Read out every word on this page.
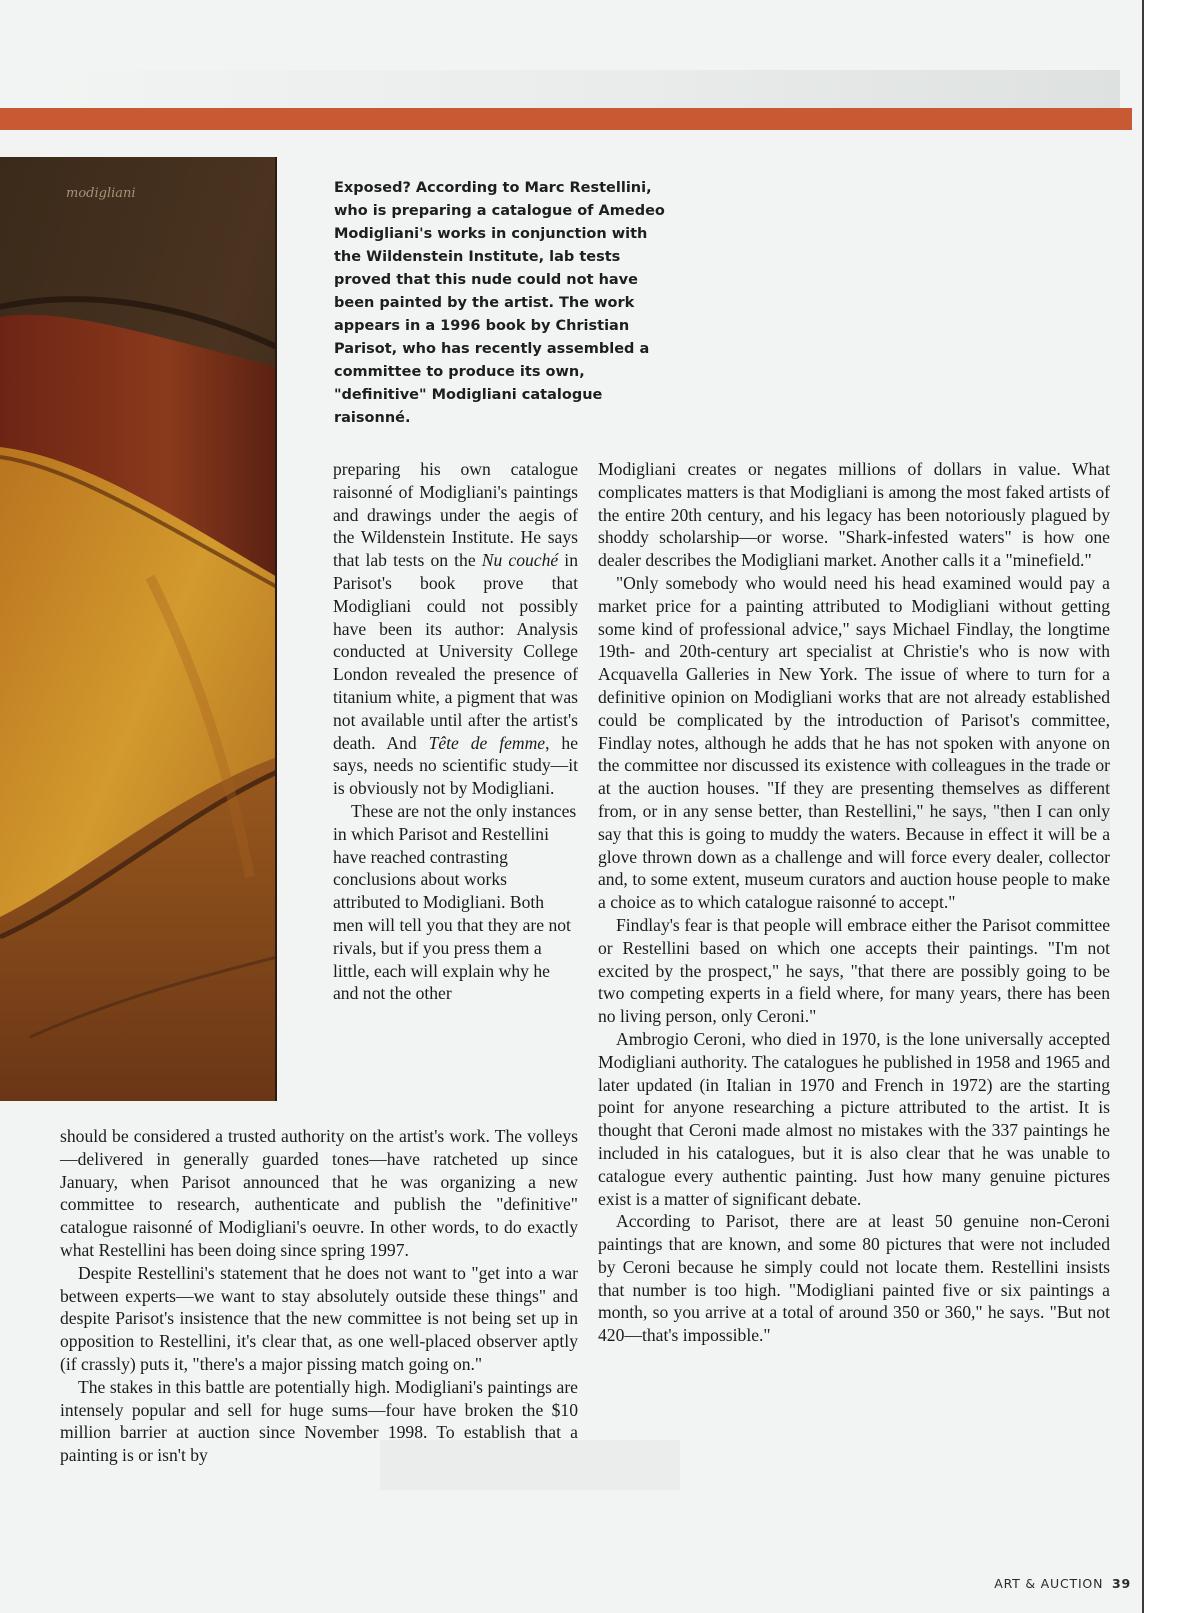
modigliani	Exposed? According to Marc Restellini, who is preparing a catalogue of Amedeo Modigliani's works in conjunction with the Wildenstein Institute, lab tests proved that this nude could not have been painted by the artist. The work appears in a 1996 book by Christian Parisot, who has recently assembled a committee to produce its own, "definitive" Modigliani catalogue raisonné.

preparing his own catalogue raisonné of Modigliani's paintings and drawings under the aegis of the Wildenstein Institute. He says that lab tests on the Nu couché in Parisot's book prove that Modigliani could not possibly have been its author: Analysis conducted at University College London revealed the presence of titanium white, a pigment that was not available until after the artist's death. And Tête de femme, he says, needs no scientific study—it is obviously not by Modigliani.

These are not the only instances in which Parisot and Restellini have reached contrasting conclusions about works attributed to Modigliani. Both men will tell you that they are not rivals, but if you press them a little, each will explain why he and not the other

should be considered a trusted authority on the artist's work. The volleys—delivered in generally guarded tones—have ratcheted up since January, when Parisot announced that he was organizing a new committee to research, authenticate and publish the "definitive" catalogue raisonné of Modigliani's oeuvre. In other words, to do exactly what Restellini has been doing since spring 1997.

Despite Restellini's statement that he does not want to "get into a war between experts—we want to stay absolutely outside these things" and despite Parisot's insistence that the new committee is not being set up in opposition to Restellini, it's clear that, as one well-placed observer aptly (if crassly) puts it, "there's a major pissing match going on."

The stakes in this battle are potentially high. Modigliani's paintings are intensely popular and sell for huge sums—four have broken the $10 million barrier at auction since November 1998. To establish that a painting is or isn't by

Modigliani creates or negates millions of dollars in value. What complicates matters is that Modigliani is among the most faked artists of the entire 20th century, and his legacy has been notoriously plagued by shoddy scholarship—or worse. "Shark-infested waters" is how one dealer describes the Modigliani market. Another calls it a "minefield."

"Only somebody who would need his head examined would pay a market price for a painting attributed to Modigliani without getting some kind of professional advice," says Michael Findlay, the longtime 19th- and 20th-century art specialist at Christie's who is now with Acquavella Galleries in New York. The issue of where to turn for a definitive opinion on Modigliani works that are not already established could be complicated by the introduction of Parisot's committee, Findlay notes, although he adds that he has not spoken with anyone on the committee nor discussed its existence with colleagues in the trade or at the auction houses. "If they are presenting themselves as different from, or in any sense better, than Restellini," he says, "then I can only say that this is going to muddy the waters. Because in effect it will be a glove thrown down as a challenge and will force every dealer, collector and, to some extent, museum curators and auction house people to make a choice as to which catalogue raisonné to accept."

Findlay's fear is that people will embrace either the Parisot committee or Restellini based on which one accepts their paintings. "I'm not excited by the prospect," he says, "that there are possibly going to be two competing experts in a field where, for many years, there has been no living person, only Ceroni."

Ambrogio Ceroni, who died in 1970, is the lone universally accepted Modigliani authority. The catalogues he published in 1958 and 1965 and later updated (in Italian in 1970 and French in 1972) are the starting point for anyone researching a picture attributed to the artist. It is thought that Ceroni made almost no mistakes with the 337 paintings he included in his catalogues, but it is also clear that he was unable to catalogue every authentic painting. Just how many genuine pictures exist is a matter of significant debate.

According to Parisot, there are at least 50 genuine non-Ceroni paintings that are known, and some 80 pictures that were not included by Ceroni because he simply could not locate them. Restellini insists that number is too high. "Modigliani painted five or six paintings a month, so you arrive at a total of around 350 or 360," he says. "But not 420—that's impossible."

ART & AUCTION 39
